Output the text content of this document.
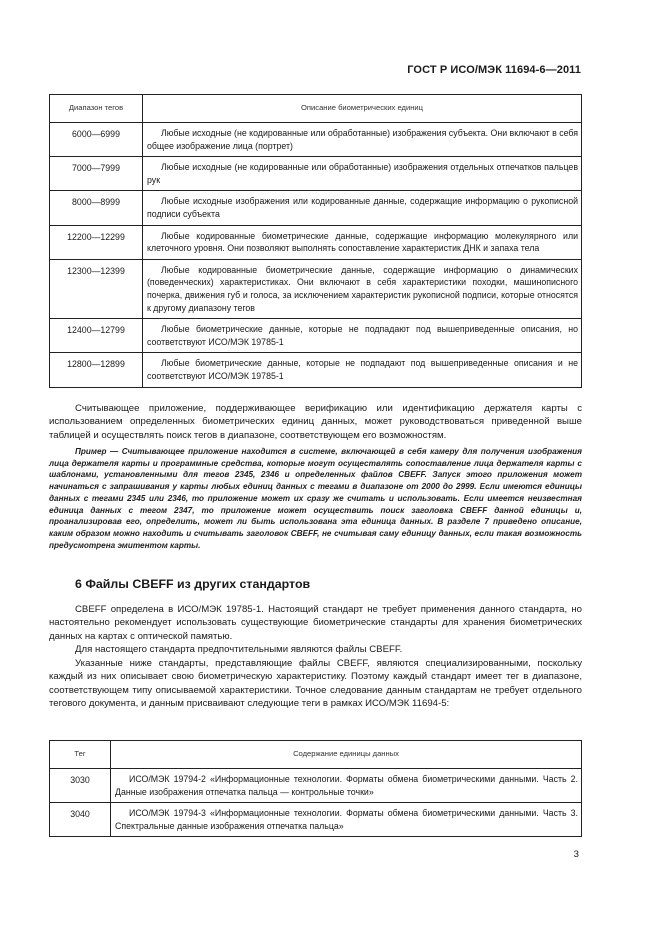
ГОСТ Р ИСО/МЭК 11694-6—2011
Диапазон тегов	Описание биометрических единиц
6000—6999	Любые исходные (не кодированные или обработанные) изображения субъекта. Они включают в себя общее изображение лица (портрет)
7000—7999	Любые исходные (не кодированные или обработанные) изображения отдельных отпечатков пальцев рук
8000—8999	Любые исходные изображения или кодированные данные, содержащие информацию о рукописной подписи субъекта
12200—12299	Любые кодированные биометрические данные, содержащие информацию молекулярного или клеточного уровня. Они позволяют выполнять сопоставление характеристик ДНК и запаха тела
12300—12399	Любые кодированные биометрические данные, содержащие информацию о динамических (поведенческих) характеристиках. Они включают в себя характеристики походки, машинописного почерка, движения губ и голоса, за исключением характеристик рукописной подписи, которые относятся к другому диапазону тегов
12400—12799	Любые биометрические данные, которые не подпадают под вышеприведенные описания, но соответствуют ИСО/МЭК 19785-1
12800—12899	Любые биометрические данные, которые не подпадают под вышеприведенные описания и не соответствуют ИСО/МЭК 19785-1
Считывающее приложение, поддерживающее верификацию или идентификацию держателя карты с использованием определенных биометрических единиц данных, может руководствоваться приведенной выше таблицей и осуществлять поиск тегов в диапазоне, соответствующем его возможностям.
Пример — Считывающее приложение находится в системе, включающей в себя камеру для получения изображения лица держателя карты и программные средства, которые могут осуществлять сопоставление лица держателя карты с шаблонами, установленными для тегов 2345, 2346 и определенных файлов CBEFF. Запуск этого приложения может начинаться с запрашивания у карты любых единиц данных с тегами в диапазоне от 2000 до 2999. Если имеются единицы данных с тегами 2345 или 2346, то приложение может их сразу же считать и использовать. Если имеется неизвестная единица данных с тегом 2347, то приложение может осуществить поиск заголовка CBEFF данной единицы и, проанализировав его, определить, может ли быть использована эта единица данных. В разделе 7 приведено описание, каким образом можно находить и считывать заголовок CBEFF, не считывая саму единицу данных, если такая возможность предусмотрена эмитентом карты.
6 Файлы CBEFF из других стандартов
CBEFF определена в ИСО/МЭК 19785-1. Настоящий стандарт не требует применения данного стандарта, но настоятельно рекомендует использовать существующие биометрические стандарты для хранения биометрических данных на картах с оптической памятью.
Для настоящего стандарта предпочтительными являются файлы CBEFF.
Указанные ниже стандарты, представляющие файлы CBEFF, являются специализированными, поскольку каждый из них описывает свою биометрическую характеристику. Поэтому каждый стандарт имеет тег в диапазоне, соответствующем типу описываемой характеристики. Точное следование данным стандартам не требует отдельного тегового документа, и данным присваивают следующие теги в рамках ИСО/МЭК 11694-5:
Тег	Содержание единицы данных
3030	ИСО/МЭК 19794-2 «Информационные технологии. Форматы обмена биометрическими данными. Часть 2. Данные изображения отпечатка пальца — контрольные точки»
3040	ИСО/МЭК 19794-3 «Информационные технологии. Форматы обмена биометрическими данными. Часть 3. Спектральные данные изображения отпечатка пальца»
3
